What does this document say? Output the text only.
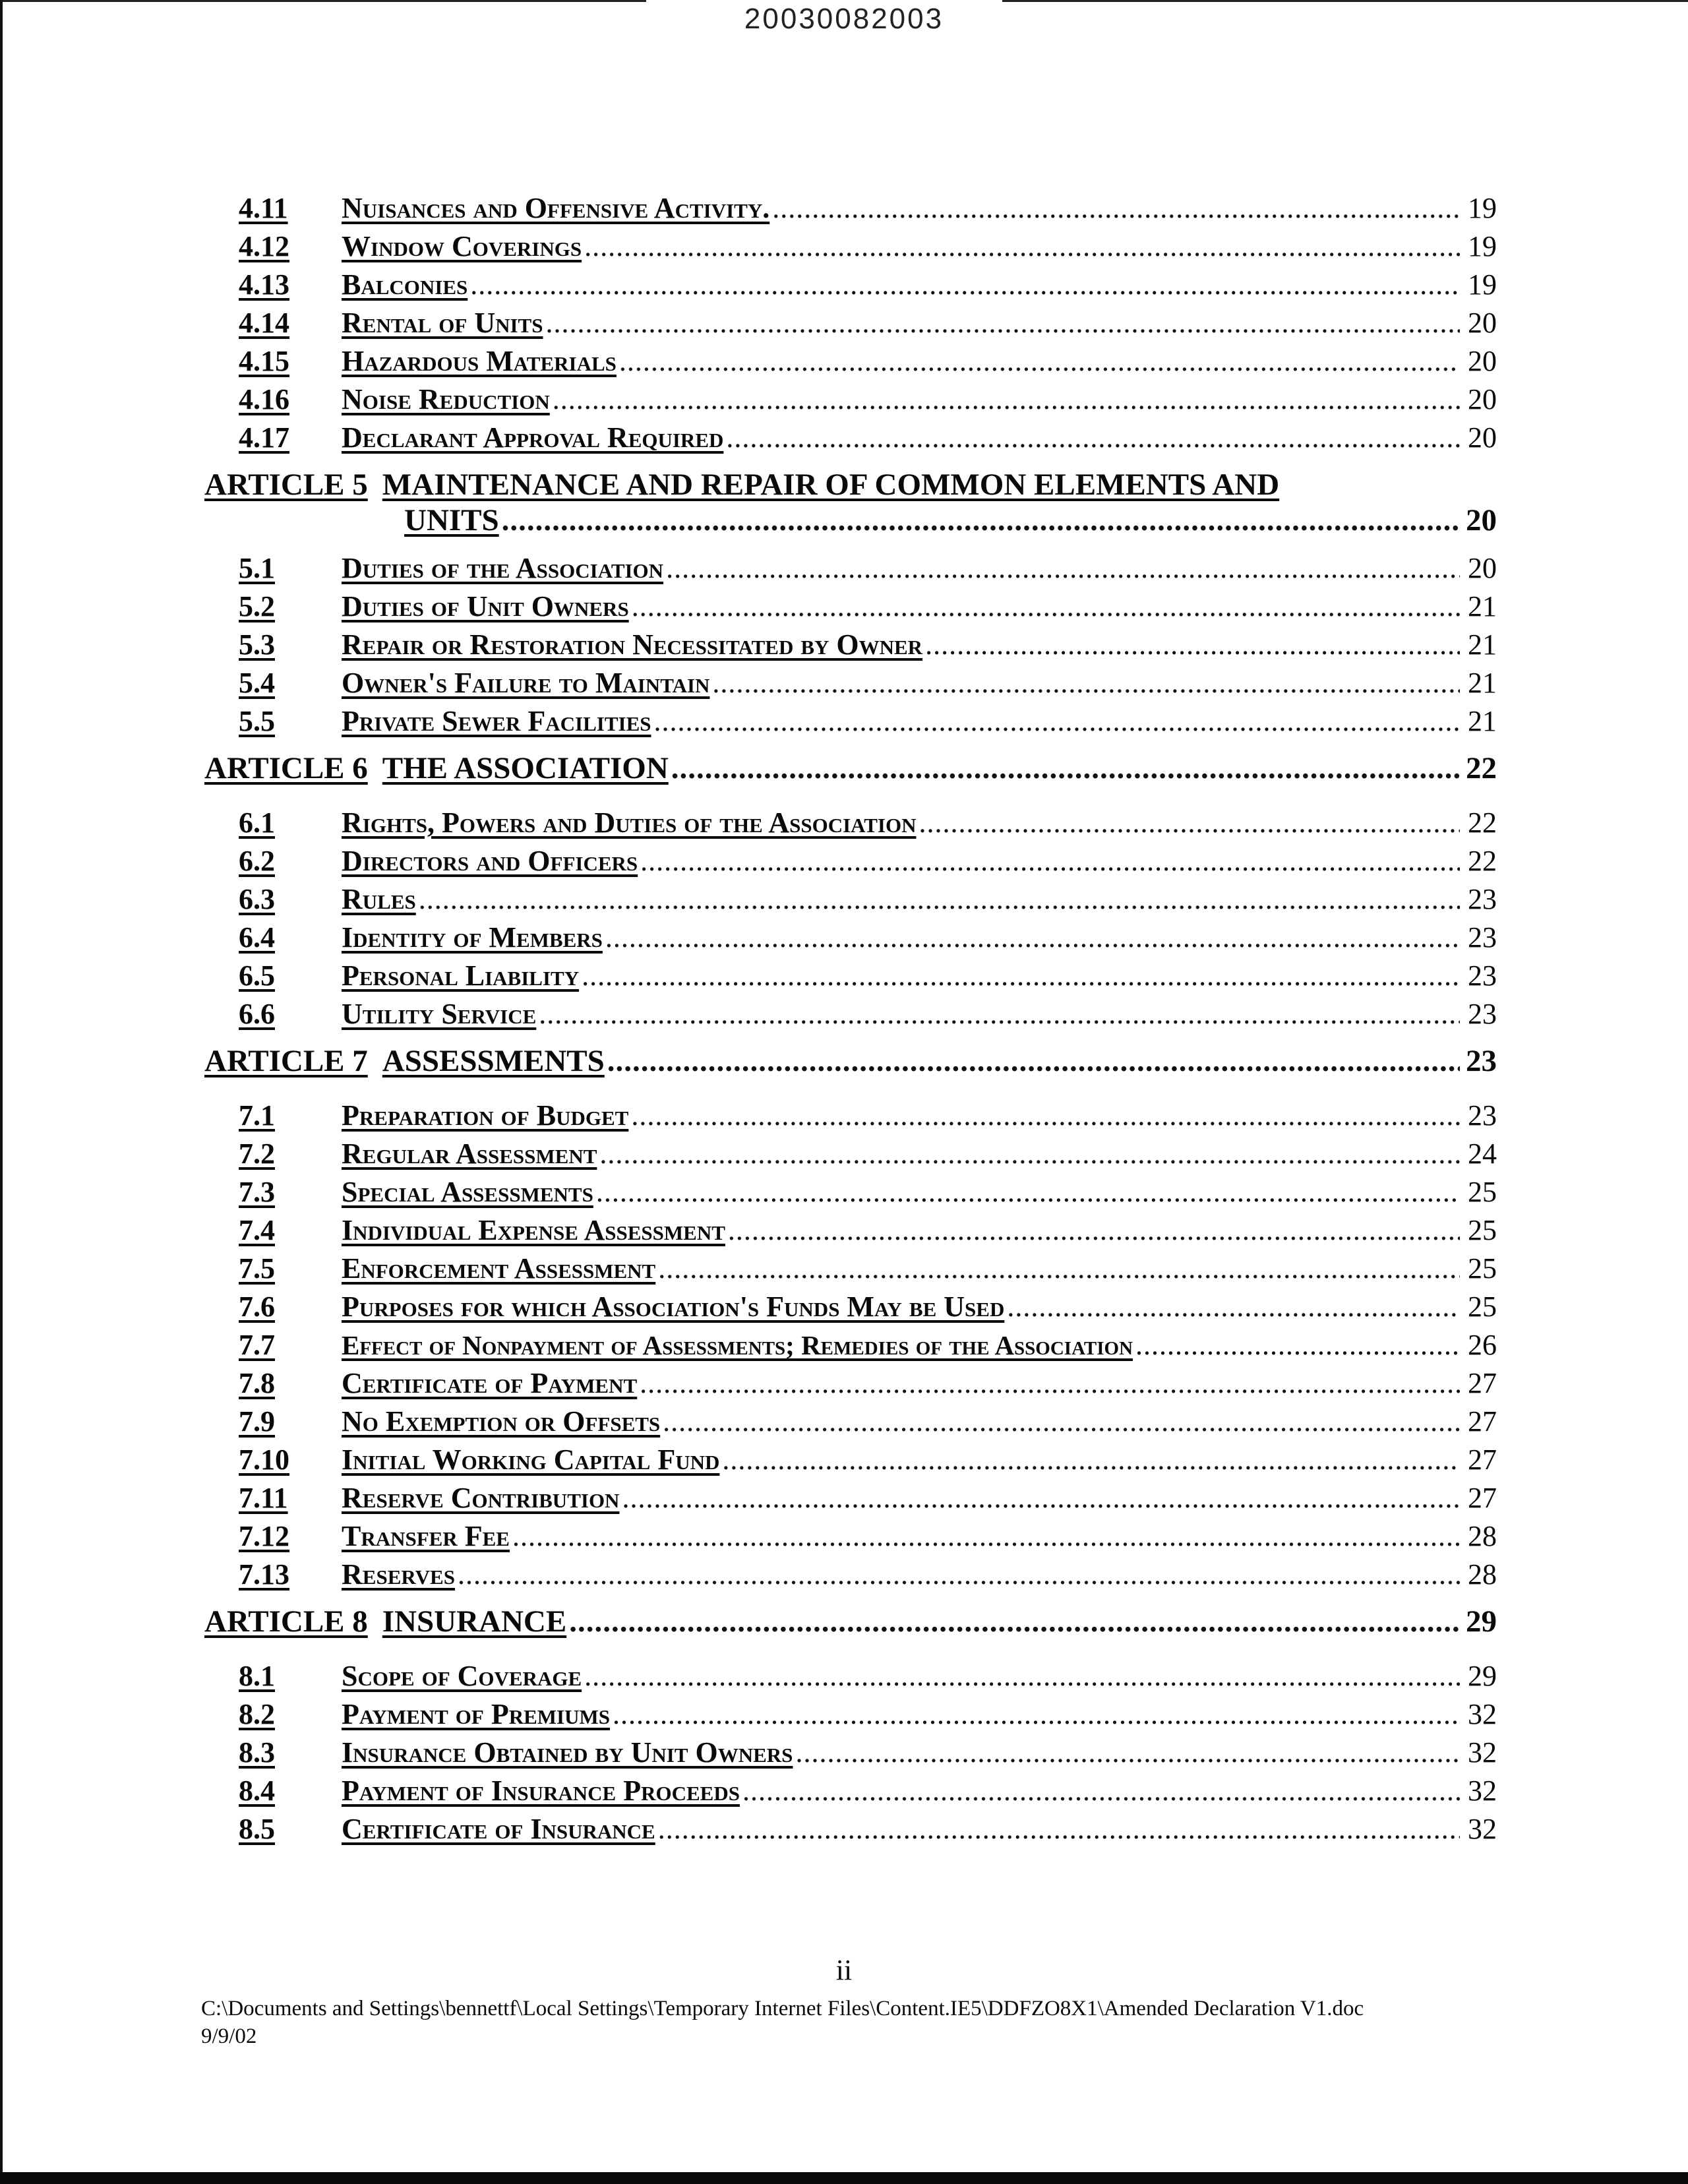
20030082003
4.11	Nuisances and Offensive Activity. .....	19
4.12	Window Coverings .....	19
4.13	Balconies .....	19
4.14	Rental of Units .....	20
4.15	Hazardous Materials .....	20
4.16	Noise Reduction .....	20
4.17	Declarant Approval Required .....	20
ARTICLE 5 MAINTENANCE AND REPAIR OF COMMON ELEMENTS AND
UNITS .....	20
5.1	Duties of the Association .....	20
5.2	Duties of Unit Owners .....	21
5.3	Repair or Restoration Necessitated by Owner .....	21
5.4	Owner's Failure to Maintain .....	21
5.5	Private Sewer Facilities .....	21
ARTICLE 6 THE ASSOCIATION .....	22
6.1	Rights, Powers and Duties of the Association .....	22
6.2	Directors and Officers .....	22
6.3	Rules .....	23
6.4	Identity of Members .....	23
6.5	Personal Liability .....	23
6.6	Utility Service .....	23
ARTICLE 7 ASSESSMENTS .....	23
7.1	Preparation of Budget .....	23
7.2	Regular Assessment .....	24
7.3	Special Assessments .....	25
7.4	Individual Expense Assessment .....	25
7.5	Enforcement Assessment .....	25
7.6	Purposes for which Association's Funds May be Used .....	25
7.7	Effect of Nonpayment of Assessments; Remedies of the Association .....	26
7.8	Certificate of Payment .....	27
7.9	No Exemption or Offsets .....	27
7.10	Initial Working Capital Fund .....	27
7.11	Reserve Contribution .....	27
7.12	Transfer Fee .....	28
7.13	Reserves .....	28
ARTICLE 8 INSURANCE .....	29
8.1	Scope of Coverage .....	29
8.2	Payment of Premiums .....	32
8.3	Insurance Obtained by Unit Owners .....	32
8.4	Payment of Insurance Proceeds .....	32
8.5	Certificate of Insurance .....	32
ii
C:\Documents and Settings\bennettf\Local Settings\Temporary Internet Files\Content.IE5\DDFZO8X1\Amended Declaration V1.doc
9/9/02
